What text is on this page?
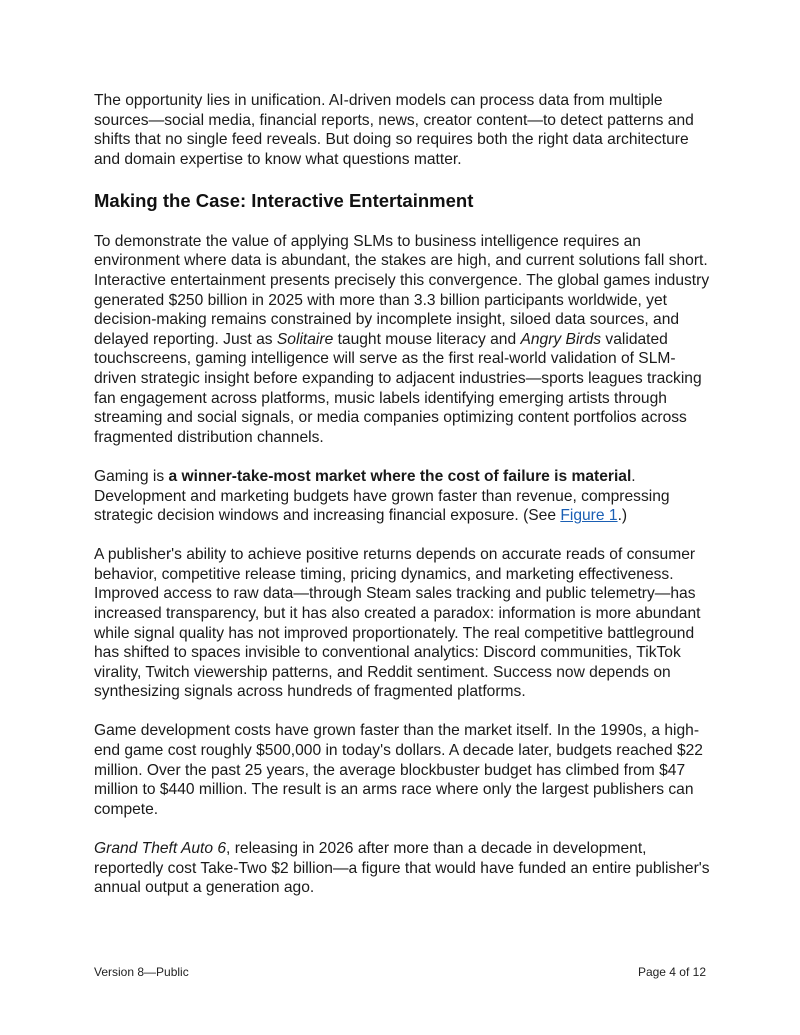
The opportunity lies in unification. AI-driven models can process data from multiple sources—social media, financial reports, news, creator content—to detect patterns and shifts that no single feed reveals. But doing so requires both the right data architecture and domain expertise to know what questions matter.

Making the Case: Interactive Entertainment

To demonstrate the value of applying SLMs to business intelligence requires an environment where data is abundant, the stakes are high, and current solutions fall short. Interactive entertainment presents precisely this convergence. The global games industry generated $250 billion in 2025 with more than 3.3 billion participants worldwide, yet decision-making remains constrained by incomplete insight, siloed data sources, and delayed reporting. Just as Solitaire taught mouse literacy and Angry Birds validated touchscreens, gaming intelligence will serve as the first real-world validation of SLM-driven strategic insight before expanding to adjacent industries—sports leagues tracking fan engagement across platforms, music labels identifying emerging artists through streaming and social signals, or media companies optimizing content portfolios across fragmented distribution channels.

Gaming is a winner-take-most market where the cost of failure is material. Development and marketing budgets have grown faster than revenue, compressing strategic decision windows and increasing financial exposure. (See Figure 1.)

A publisher's ability to achieve positive returns depends on accurate reads of consumer behavior, competitive release timing, pricing dynamics, and marketing effectiveness. Improved access to raw data—through Steam sales tracking and public telemetry—has increased transparency, but it has also created a paradox: information is more abundant while signal quality has not improved proportionately. The real competitive battleground has shifted to spaces invisible to conventional analytics: Discord communities, TikTok virality, Twitch viewership patterns, and Reddit sentiment. Success now depends on synthesizing signals across hundreds of fragmented platforms.

Game development costs have grown faster than the market itself. In the 1990s, a high-end game cost roughly $500,000 in today's dollars. A decade later, budgets reached $22 million. Over the past 25 years, the average blockbuster budget has climbed from $47 million to $440 million. The result is an arms race where only the largest publishers can compete.

Grand Theft Auto 6, releasing in 2026 after more than a decade in development, reportedly cost Take-Two $2 billion—a figure that would have funded an entire publisher's annual output a generation ago.

Version 8—Public	Page 4 of 12
